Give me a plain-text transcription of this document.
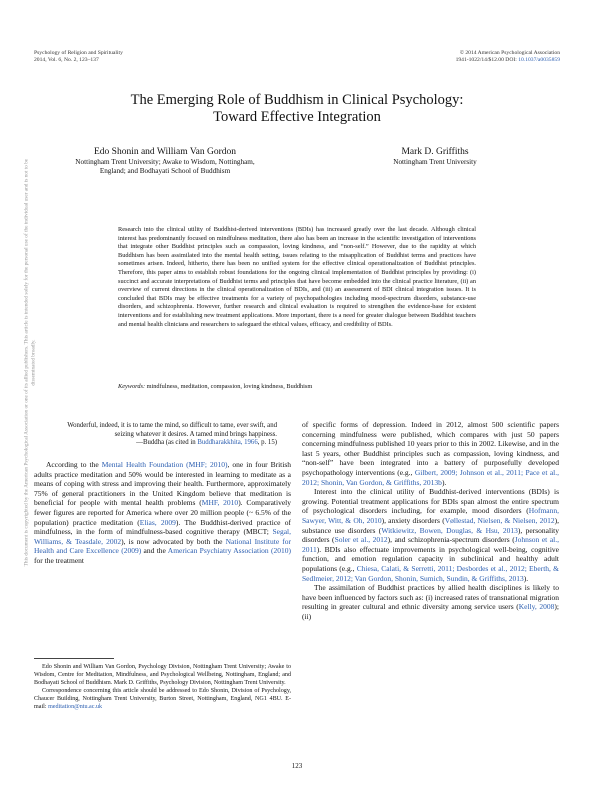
Psychology of Religion and Spirituality
2014, Vol. 6, No. 2, 123–137
© 2014 American Psychological Association
1941-1022/14/$12.00 DOI: 10.1037/a0035859
The Emerging Role of Buddhism in Clinical Psychology:
Toward Effective Integration
Edo Shonin and William Van Gordon
Nottingham Trent University; Awake to Wisdom, Nottingham,
England; and Bodhayati School of Buddhism
Mark D. Griffiths
Nottingham Trent University
Research into the clinical utility of Buddhist-derived interventions (BDIs) has increased greatly over the last decade. Although clinical interest has predominantly focused on mindfulness meditation, there also has been an increase in the scientific investigation of interventions that integrate other Buddhist principles such as compassion, loving kindness, and “non-self.” However, due to the rapidity at which Buddhism has been assimilated into the mental health setting, issues relating to the misapplication of Buddhist terms and practices have sometimes arisen. Indeed, hitherto, there has been no unified system for the effective clinical operationalization of Buddhist principles. Therefore, this paper aims to establish robust foundations for the ongoing clinical implementation of Buddhist principles by providing: (i) succinct and accurate interpretations of Buddhist terms and principles that have become embedded into the clinical practice literature, (ii) an overview of current directions in the clinical operationalization of BDIs, and (iii) an assessment of BDI clinical integration issues. It is concluded that BDIs may be effective treatments for a variety of psychopathologies including mood-spectrum disorders, substance-use disorders, and schizophrenia. However, further research and clinical evaluation is required to strengthen the evidence-base for existent interventions and for establishing new treatment applications. More important, there is a need for greater dialogue between Buddhist teachers and mental health clinicians and researchers to safeguard the ethical values, efficacy, and credibility of BDIs.
Keywords: mindfulness, meditation, compassion, loving kindness, Buddhism
This document is copyrighted by the American Psychological Association or one of its allied publishers. This article is intended solely for the personal use of the individual user and is not to be disseminated broadly.
Wonderful, indeed, it is to tame the mind, so difficult to tame, ever swift, and seizing whatever it desires. A tamed mind brings happiness.
—Buddha (as cited in Buddharakkhita, 1966, p. 15)

According to the Mental Health Foundation (MHF; 2010), one in four British adults practice meditation and 50% would be interested in learning to meditate as a means of coping with stress and improving their health. Furthermore, approximately 75% of general practitioners in the United Kingdom believe that meditation is beneficial for people with mental health problems (MHF, 2010). Comparatively fewer figures are reported for America where over 20 million people (~ 6.5% of the population) practice meditation (Elias, 2009). The Buddhist-derived practice of mindfulness, in the form of mindfulness-based cognitive therapy (MBCT; Segal, Williams, & Teasdale, 2002), is now advocated by both the National Institute for Health and Care Excellence (2009) and the American Psychiatry Association (2010) for the treatment

Edo Shonin and William Van Gordon, Psychology Division, Nottingham Trent University; Awake to Wisdom, Centre for Meditation, Mindfulness, and Psychological Wellbeing, Nottingham, England; and Bodhayati School of Buddhism. Mark D. Griffiths, Psychology Division, Nottingham Trent University.

Correspondence concerning this article should be addressed to Edo Shonin, Division of Psychology, Chaucer Building, Nottingham Trent University, Burton Street, Nottingham, England, NG1 4BU. E-mail: meditation@ntu.ac.uk

of specific forms of depression. Indeed in 2012, almost 500 scientific papers concerning mindfulness were published, which compares with just 50 papers concerning mindfulness published 10 years prior to this in 2002. Likewise, and in the last 5 years, other Buddhist principles such as compassion, loving kindness, and “non-self” have been integrated into a battery of purposefully developed psychopathology interventions (e.g., Gilbert, 2009; Johnson et al., 2011; Pace et al., 2012; Shonin, Van Gordon, & Griffiths, 2013b).

Interest into the clinical utility of Buddhist-derived interventions (BDIs) is growing. Potential treatment applications for BDIs span almost the entire spectrum of psychological disorders including, for example, mood disorders (Hofmann, Sawyer, Witt, & Oh, 2010), anxiety disorders (Vøllestad, Nielsen, & Nielsen, 2012), substance use disorders (Witkiewitz, Bowen, Douglas, & Hsu, 2013), personality disorders (Soler et al., 2012), and schizophrenia-spectrum disorders (Johnson et al., 2011). BDIs also effectuate improvements in psychological well-being, cognitive function, and emotion regulation capacity in subclinical and healthy adult populations (e.g., Chiesa, Calati, & Serretti, 2011; Desbordes et al., 2012; Eberth, & Sedlmeier, 2012; Van Gordon, Shonin, Sumich, Sundin, & Griffiths, 2013).

The assimilation of Buddhist practices by allied health disciplines is likely to have been influenced by factors such as: (i) increased rates of transnational migration resulting in greater cultural and ethnic diversity among service users (Kelly, 2008); (ii)

123
